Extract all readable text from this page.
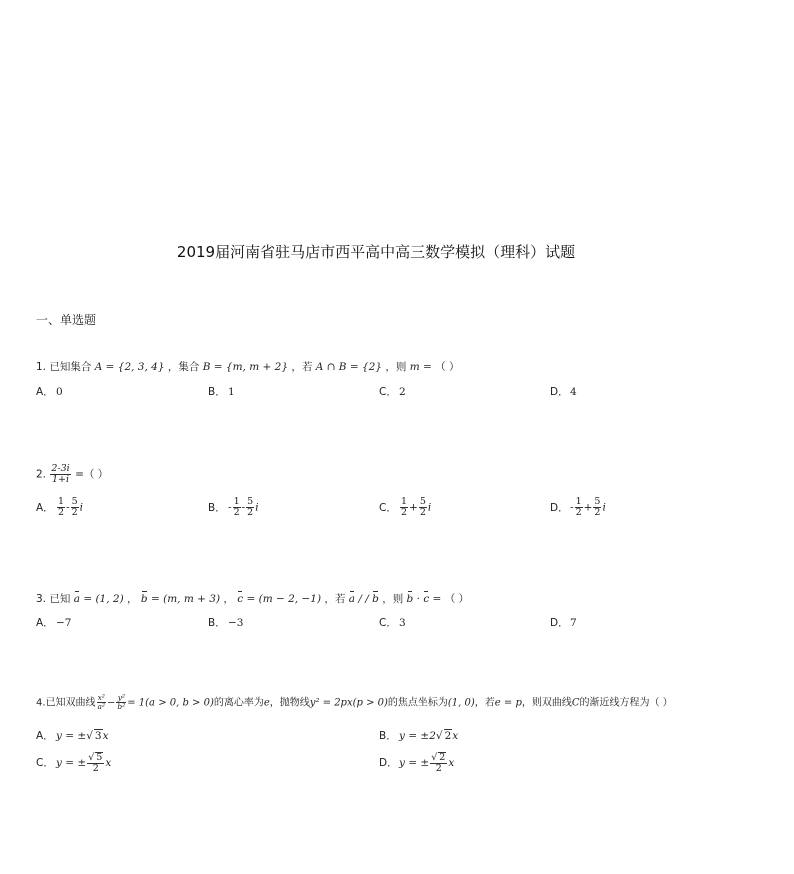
2019届河南省驻马店市西平高中高三数学模拟（理科）试题
一、单选题
1. 已知集合 A = {2, 3, 4} ，集合 B = {m, m + 2} ，若 A ∩ B = {2} ，则 m = （ ）
A． 0	B． 1	C． 2	D．4
2. $\frac{2-3i}{1+i}$ =（ ）
A． $\frac{1}{2} - \frac{5}{2}$ i	B． - $\frac{1}{2} - \frac{5}{2}$ i	C． $\frac{1}{2} + \frac{5}{2}$ i	D．- $\frac{1}{2} + \frac{5}{2}$ i
3. 已知 a = (1, 2) ， b = (m, m + 3) ， c = (m − 2, −1) ，若 a / / b ，则 b · c = （ ）
A． −7	B． −3	C． 3	D．7
4.已知双曲线 $\frac{\text{x²}}{\text{a²}} - \frac{\text{y²}}{\text{b²}} = 1(a > 0$, b > 0)的离心率为e，抛物线y² = 2px(p > 0)的焦点坐标为(1, 0)，若e = p，则双曲线C的渐近线方程为（ ）
A． y = ±√ 3x	B． y = ±2√ 2x
C． y = ± $\frac{√ 5}{2}$ x	D．y = ± $\frac{√ 2}{2}$ x
